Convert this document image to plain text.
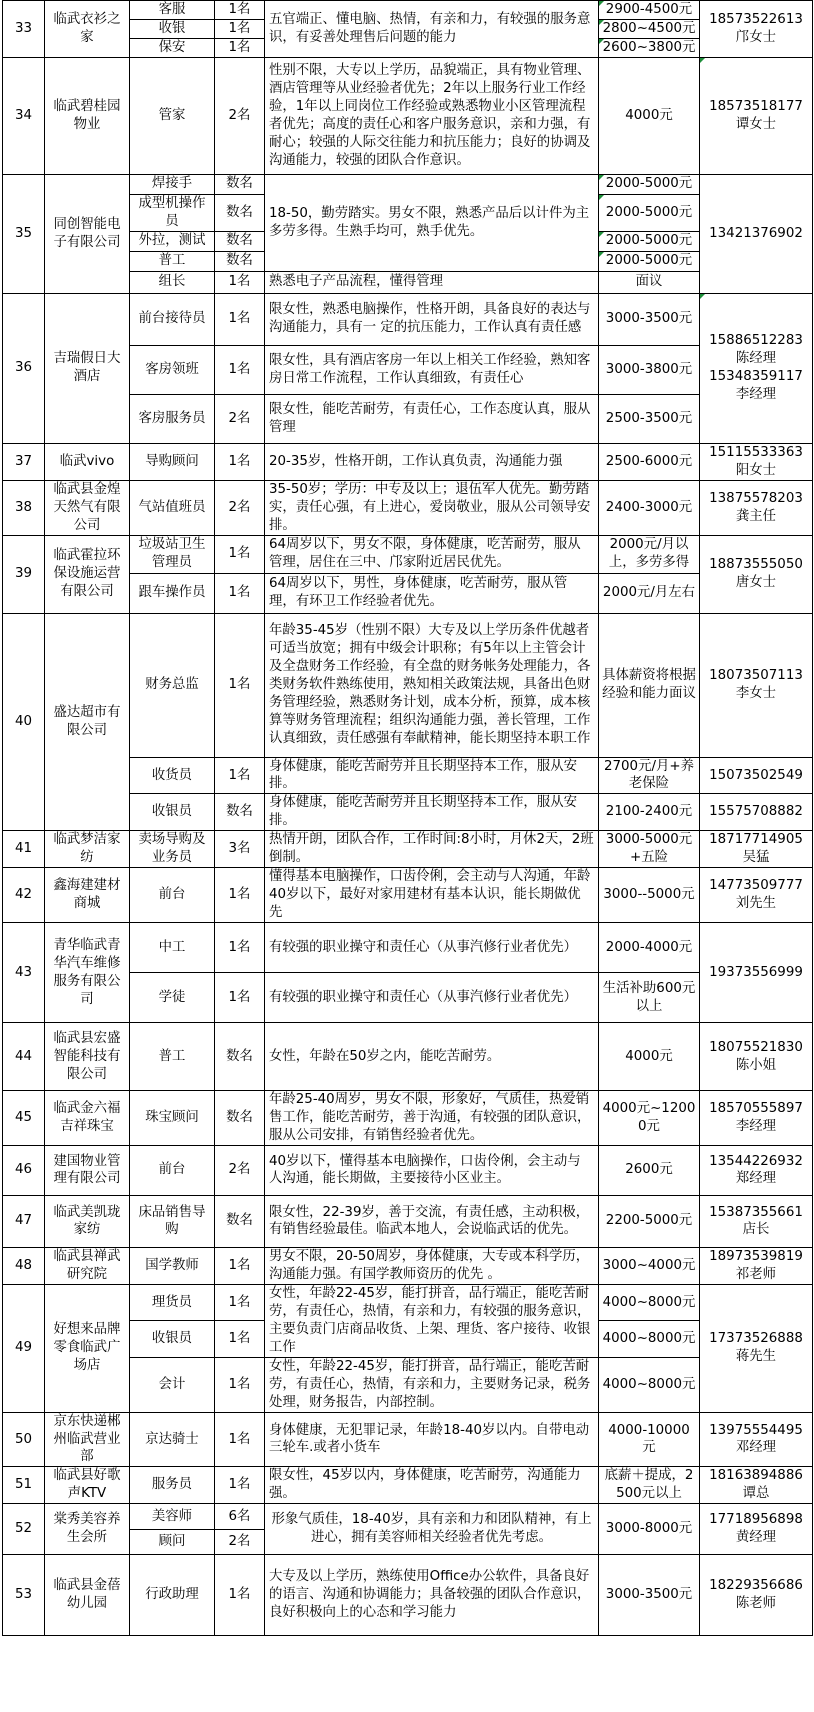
33	临武衣衫之家	客服	1名	五官端正、懂电脑、热情，有亲和力，有较强的服务意识，有妥善处理售后问题的能力	2900-4500元	18573522613
邝女士
		收银	1名		2800~4500元	
		保安	1名		2600~3800元	
34	临武碧桂园物业	管家	2名	性别不限，大专以上学历，品貌端正，具有物业管理、酒店管理等从业经验者优先；2年以上服务行业工作经验，1年以上同岗位工作经验或熟悉物业小区管理流程者优先；高度的责任心和客户服务意识，亲和力强，有耐心；较强的人际交往能力和抗压能力；良好的协调及沟通能力，较强的团队合作意识。	4000元	18573518177
谭女士
35	同创智能电子有限公司	焊接手	数名	18-50，勤劳踏实。男女不限，熟悉产品后以计件为主多劳多得。生熟手均可，熟手优先。	2000-5000元	13421376902
		成型机操作员	数名		2000-5000元	
		外拉，测试	数名		2000-5000元	
		普工	数名		2000-5000元	
		组长	1名	熟悉电子产品流程，懂得管理	面议	
36	吉瑞假日大酒店	前台接待员	1名	限女性，熟悉电脑操作，性格开朗，具备良好的表达与沟通能力，具有一 定的抗压能力，工作认真有责任感	3000-3500元	15886512283
陈经理
15348359117
李经理
		客房领班	1名	限女性，具有酒店客房一年以上相关工作经验，熟知客房日常工作流程，工作认真细致，有责任心	3000-3800元	
		客房服务员	2名	限女性，能吃苦耐劳，有责任心，工作态度认真，服从管理	2500-3500元	
37	临武vivo	导购顾问	1名	20-35岁，性格开朗，工作认真负责，沟通能力强	2500-6000元	15115533363
阳女士
38	临武县金煌天然气有限公司	气站值班员	2名	35-50岁；学历：中专及以上；退伍军人优先。勤劳踏实，责任心强，有上进心，爱岗敬业，服从公司领导安排。	2400-3000元	13875578203
龚主任
39	临武霍拉环保设施运营有限公司	垃圾站卫生管理员	1名	64周岁以下，男女不限，身体健康，吃苦耐劳，服从管理，居住在三中、邝家附近居民优先。	2000元/月以上，多劳多得	18873555050
唐女士
		跟车操作员	1名	64周岁以下，男性，身体健康，吃苦耐劳，服从管理，有环卫工作经验者优先。	2000元/月左右	
40	盛达超市有限公司	财务总监	1名	年龄35-45岁（性别不限）大专及以上学历条件优越者可适当放宽；拥有中级会计职称；有5年以上主管会计及全盘财务工作经验，有全盘的财务帐务处理能力，各类财务软件熟练使用，熟知相关政策法规，具备出色财务管理经验，熟悉财务计划，成本分析，预算，成本核算等财务管理流程；组织沟通能力强，善长管理，工作认真细致，责任感强有奉献精神，能长期坚持本职工作	具体薪资将根据经验和能力面议	18073507113
李女士
		收货员	1名	身体健康，能吃苦耐劳并且长期坚持本工作，服从安排。	2700元/月+养老保险	15073502549
		收银员	数名	身体健康，能吃苦耐劳并且长期坚持本工作，服从安排。	2100-2400元	15575708882
41	临武梦洁家纺	卖场导购及业务员	3名	热情开朗，团队合作，工作时间:8小时，月休2天，2班倒制。	3000-5000元+五险	18717714905
吴猛
42	鑫海建建材商城	前台	1名	懂得基本电脑操作，口齿伶俐，会主动与人沟通，年龄40岁以下，最好对家用建材有基本认识，能长期做优先	3000--5000元	14773509777
刘先生
43	青华临武青华汽车维修服务有限公司	中工	1名	有较强的职业操守和责任心（从事汽修行业者优先）	2000-4000元	19373556999
		学徒	1名	有较强的职业操守和责任心（从事汽修行业者优先）	生活补助600元以上	
44	临武县宏盛智能科技有限公司	普工	数名	女性，年龄在50岁之内，能吃苦耐劳。	4000元	18075521830
陈小姐
45	临武金六福吉祥珠宝	珠宝顾问	数名	年龄25-40周岁，男女不限，形象好，气质佳，热爱销售工作，能吃苦耐劳，善于沟通，有较强的团队意识，服从公司安排，有销售经验者优先。	4000元~12000元	18570555897
李经理
46	建国物业管理有限公司	前台	2名	40岁以下，懂得基本电脑操作，口齿伶俐，会主动与人沟通，能长期做，主要接待小区业主。	2600元	13544226932
郑经理
47	临武美凯珑家纺	床品销售导购	数名	限女性，22-39岁，善于交流，有责任感，主动积极，有销售经验最佳。临武本地人，会说临武话的优先。	2200-5000元	15387355661
店长
48	临武县禅武研究院	国学教师	1名	男女不限，20-50周岁，身体健康，大专或本科学历，沟通能力强。有国学教师资历的优先 。	3000~4000元	18973539819
祁老师
49	好想来品牌零食临武广场店	理货员	1名	女性，年龄22-45岁，能打拼音，品行端正，能吃苦耐劳，有责任心，热情，有亲和力，有较强的服务意识，主要负责门店商品收货、上架、理货、客户接待、收银工作	4000~8000元	17373526888
蒋先生
		收银员	1名		4000~8000元	
		会计	1名	女性，年龄22-45岁，能打拼音，品行端正，能吃苦耐劳，有责任心，热情，有亲和力，主要财务记录，税务处理，财务报告，内部控制。	4000~8000元	
50	京东快递郴州临武营业部	京达骑士	1名	身体健康，无犯罪记录，年龄18-40岁以内。自带电动三轮车.或者小货车	4000-10000元	13975554495
邓经理
51	临武县好歌声KTV	服务员	1名	限女性，45岁以内，身体健康，吃苦耐劳，沟通能力强。	底薪＋提成，2500元以上	18163894886
谭总
52	棠秀美容养生会所	美容师	6名	形象气质佳，18-40岁，具有亲和力和团队精神，有上进心，拥有美容师相关经验者优先考虑。	3000-8000元	17718956898
黄经理
		顾问	2名			
53	临武县金蓓幼儿园	行政助理	1名	大专及以上学历，熟练使用Office办公软件，具备良好的语言、沟通和协调能力；具备较强的团队合作意识，良好积极向上的心态和学习能力	3000-3500元	18229356686
陈老师
